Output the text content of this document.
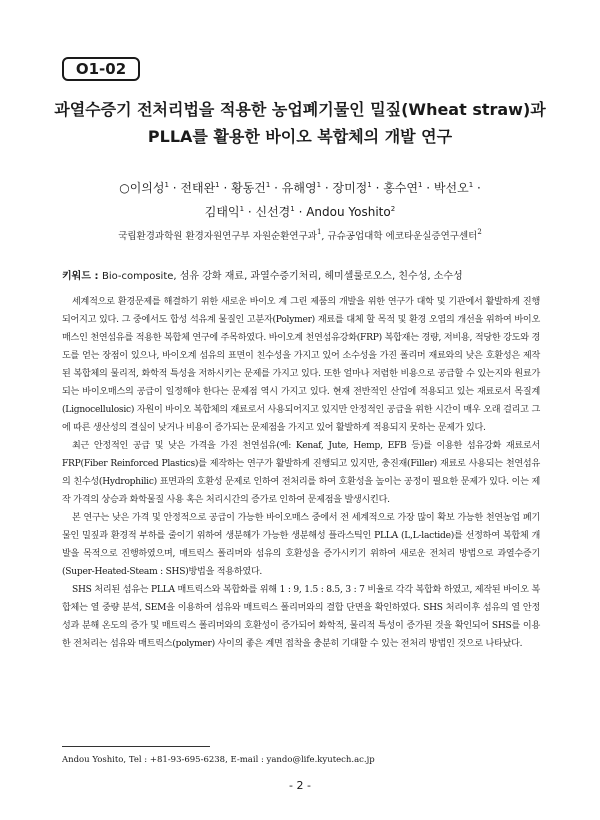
O1-02
과열수증기 전처리법을 적용한 농업폐기물인 밀짚(Wheat straw)과
PLLA를 활용한 바이오 복합체의 개발 연구
○이의성$^1$ · 전태완$^1$ · 황동건$^1$ · 유해영$^1$ · 장미정$^1$ · 홍수연$^1$ · 박선오$^1$ ·
김태익$^1$ · 신선경$^1$ · Andou Yoshito$^2$
국립환경과학원 환경자원연구부 자원순환연구과$^1$, 규슈공업대학 에코타운실증연구센터$^2$
키워드 : Bio-composite, 섬유 강화 재료, 과열수증기처리, 헤미셀룰로오스, 친수성, 소수성

세계적으로 환경문제를 해결하기 위한 새로운 바이오 계 그린 제품의 개발을 위한 연구가 대학 및 기관에서 활발하게 진행되어지고 있다. 그 중에서도 합성 석유계 물질인 고분자(Polymer) 재료를 대체 할 목적 및 환경 오염의 개선을 위하여 바이오매스인 천연섬유를 적용한 복합체 연구에 주목하였다. 바이오계 천연섬유강화(FRP) 복합재는 경량, 저비용, 적당한 강도와 경도를 얻는 장점이 있으나, 바이오계 섬유의 표면이 친수성을 가지고 있어 소수성을 가진 폴리머 재료와의 낮은 호환성은 제작된 복합체의 물리적, 화학적 특성을 저하시키는 문제를 가지고 있다. 또한 얼마나 저렴한 비용으로 공급할 수 있는지와 원료가 되는 바이오매스의 공급이 일정해야 한다는 문제점 역시 가지고 있다. 현재 전반적인 산업에 적용되고 있는 재료로서 목질계(Lignocellulosic) 자원이 바이오 복합체의 재료로서 사용되어지고 있지만 안정적인 공급을 위한 시간이 매우 오래 걸리고 그에 따른 생산성의 결실이 낮거나 비용이 증가되는 문제점을 가지고 있어 활발하게 적용되지 못하는 문제가 있다.

최근 안정적인 공급 및 낮은 가격을 가진 천연섬유(예: Kenaf, Jute, Hemp, EFB 등)를 이용한 섬유강화 재료로서 FRP(Fiber Reinforced Plastics)를 제작하는 연구가 활발하게 진행되고 있지만, 충진재(Filler) 재료로 사용되는 천연섬유의 친수성(Hydrophilic) 표면과의 호환성 문제로 인하여 전처리를 하여 호환성을 높이는 공정이 필요한 문제가 있다. 이는 제작 가격의 상승과 화학물질 사용 혹은 처리시간의 증가로 인하여 문제점을 발생시킨다.

본 연구는 낮은 가격 및 안정적으로 공급이 가능한 바이오매스 중에서 전 세계적으로 가장 많이 확보 가능한 천연농업 폐기물인 밀짚과 환경적 부하를 줄이기 위하여 생분해가 가능한 생분해성 플라스틱인 PLLA (L,L-lactide)를 선정하여 복합체 개발을 목적으로 진행하였으며, 매트릭스 폴리머와 섬유의 호환성을 증가시키기 위하여 새로운 전처리 방법으로 과열수증기(Super-Heated-Steam : SHS)방법을 적용하였다.

SHS 처리된 섬유는 PLLA 매트릭스와 복합화를 위해 1 : 9, 1.5 : 8.5, 3 : 7 비율로 각각 복합화 하였고, 제작된 바이오 복합체는 열 중량 분석, SEM을 이용하여 섬유와 매트릭스 폴리머와의 결합 단면을 확인하였다. SHS 처리이후 섬유의 열 안정성과 분해 온도의 증가 및 매트릭스 폴리머와의 호환성이 증가되어 화학적, 물리적 특성이 증가된 것을 확인되어 SHS를 이용한 전처리는 섬유와 매트릭스(polymer) 사이의 좋은 계면 접착을 충분히 기대할 수 있는 전처리 방법인 것으로 나타났다.

Andou Yoshito, Tel : +81-93-695-6238, E-mail : yando@life.kyutech.ac.jp
- 2 -
